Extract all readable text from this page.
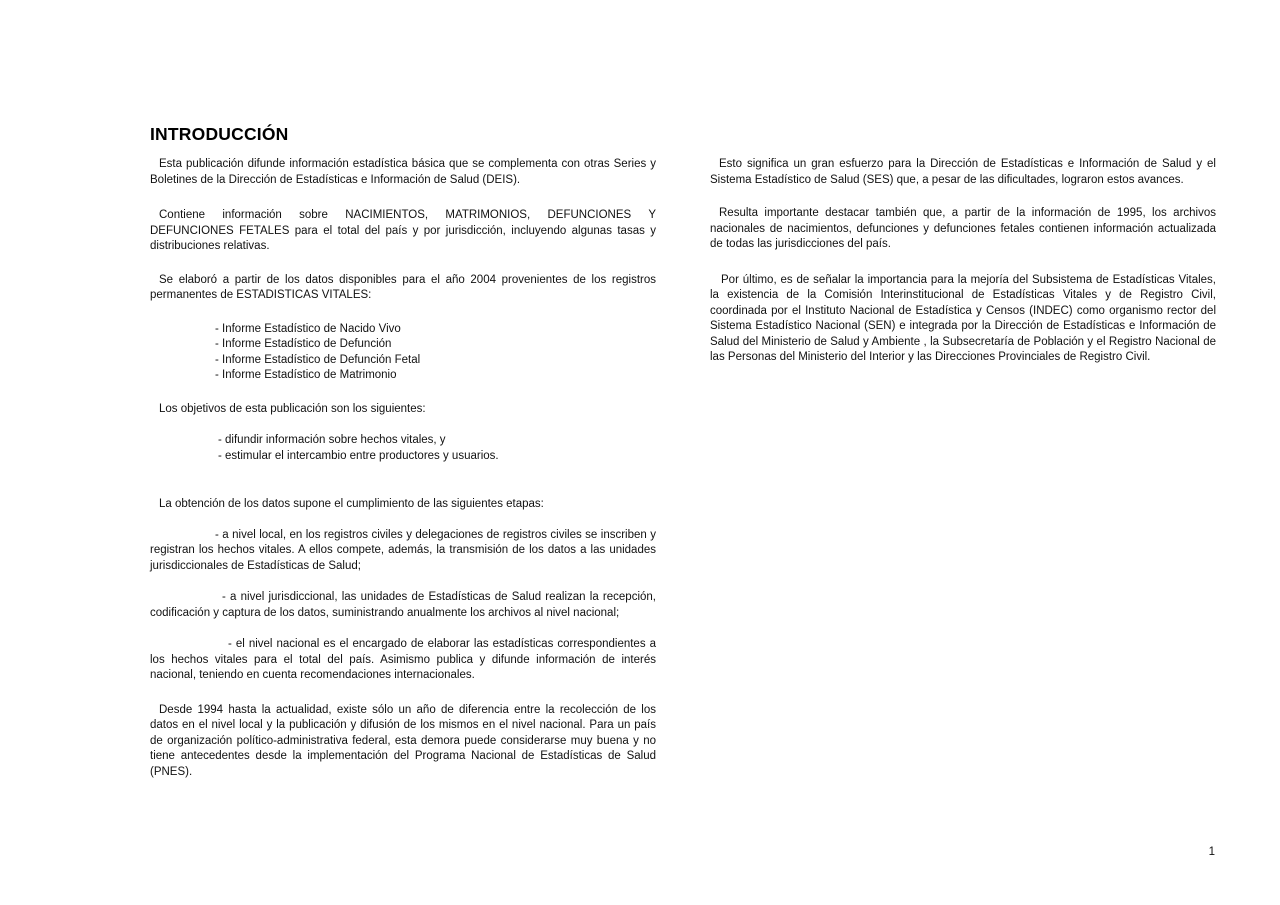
INTRODUCCIÓN

Esta publicación difunde información estadística básica que se complementa con otras Series y Boletines de la Dirección de Estadísticas e Información de Salud (DEIS).

Contiene información sobre NACIMIENTOS, MATRIMONIOS, DEFUNCIONES Y DEFUNCIONES FETALES para el total del país y por jurisdicción, incluyendo algunas tasas y distribuciones relativas.

Se elaboró a partir de los datos disponibles para el año 2004 provenientes de los registros permanentes de ESTADISTICAS VITALES:

- Informe Estadístico de Nacido Vivo
- Informe Estadístico de Defunción
- Informe Estadístico de Defunción Fetal
- Informe Estadístico de Matrimonio

Los objetivos de esta publicación son los siguientes:

- difundir información sobre hechos vitales, y
- estimular el intercambio entre productores y usuarios.

La obtención de los datos supone el cumplimiento de las siguientes etapas:

- a nivel local, en los registros civiles y delegaciones de registros civiles se inscriben y registran los hechos vitales. A ellos compete, además, la transmisión de los datos a las unidades jurisdiccionales de Estadísticas de Salud;

- a nivel jurisdiccional, las unidades de Estadísticas de Salud realizan la recepción, codificación y captura de los datos, suministrando anualmente los archivos al nivel nacional;

- el nivel nacional es el encargado de elaborar las estadísticas correspondientes a los hechos vitales para el total del país. Asimismo publica y difunde información de interés nacional, teniendo en cuenta recomendaciones internacionales.

Desde 1994 hasta la actualidad, existe sólo un año de diferencia entre la recolección de los datos en el nivel local y la publicación y difusión de los mismos en el nivel nacional. Para un país de organización político-administrativa federal, esta demora puede considerarse muy buena y no tiene antecedentes desde la implementación del Programa Nacional de Estadísticas de Salud (PNES).

Esto significa un gran esfuerzo para la Dirección de Estadísticas e Información de Salud y el Sistema Estadístico de Salud (SES) que, a pesar de las dificultades, lograron estos avances.

Resulta importante destacar también que, a partir de la información de 1995, los archivos nacionales de nacimientos, defunciones y defunciones fetales contienen información actualizada de todas las jurisdicciones del país.

Por último, es de señalar la importancia para la mejoría del Subsistema de Estadísticas Vitales, la existencia de la Comisión Interinstitucional de Estadísticas Vitales y de Registro Civil, coordinada por el Instituto Nacional de Estadística y Censos (INDEC) como organismo rector del Sistema Estadístico Nacional (SEN) e integrada por la Dirección de Estadísticas e Información de Salud del Ministerio de Salud y Ambiente , la Subsecretaría de Población y el Registro Nacional de las Personas del Ministerio del Interior y las Direcciones Provinciales de Registro Civil.

1
